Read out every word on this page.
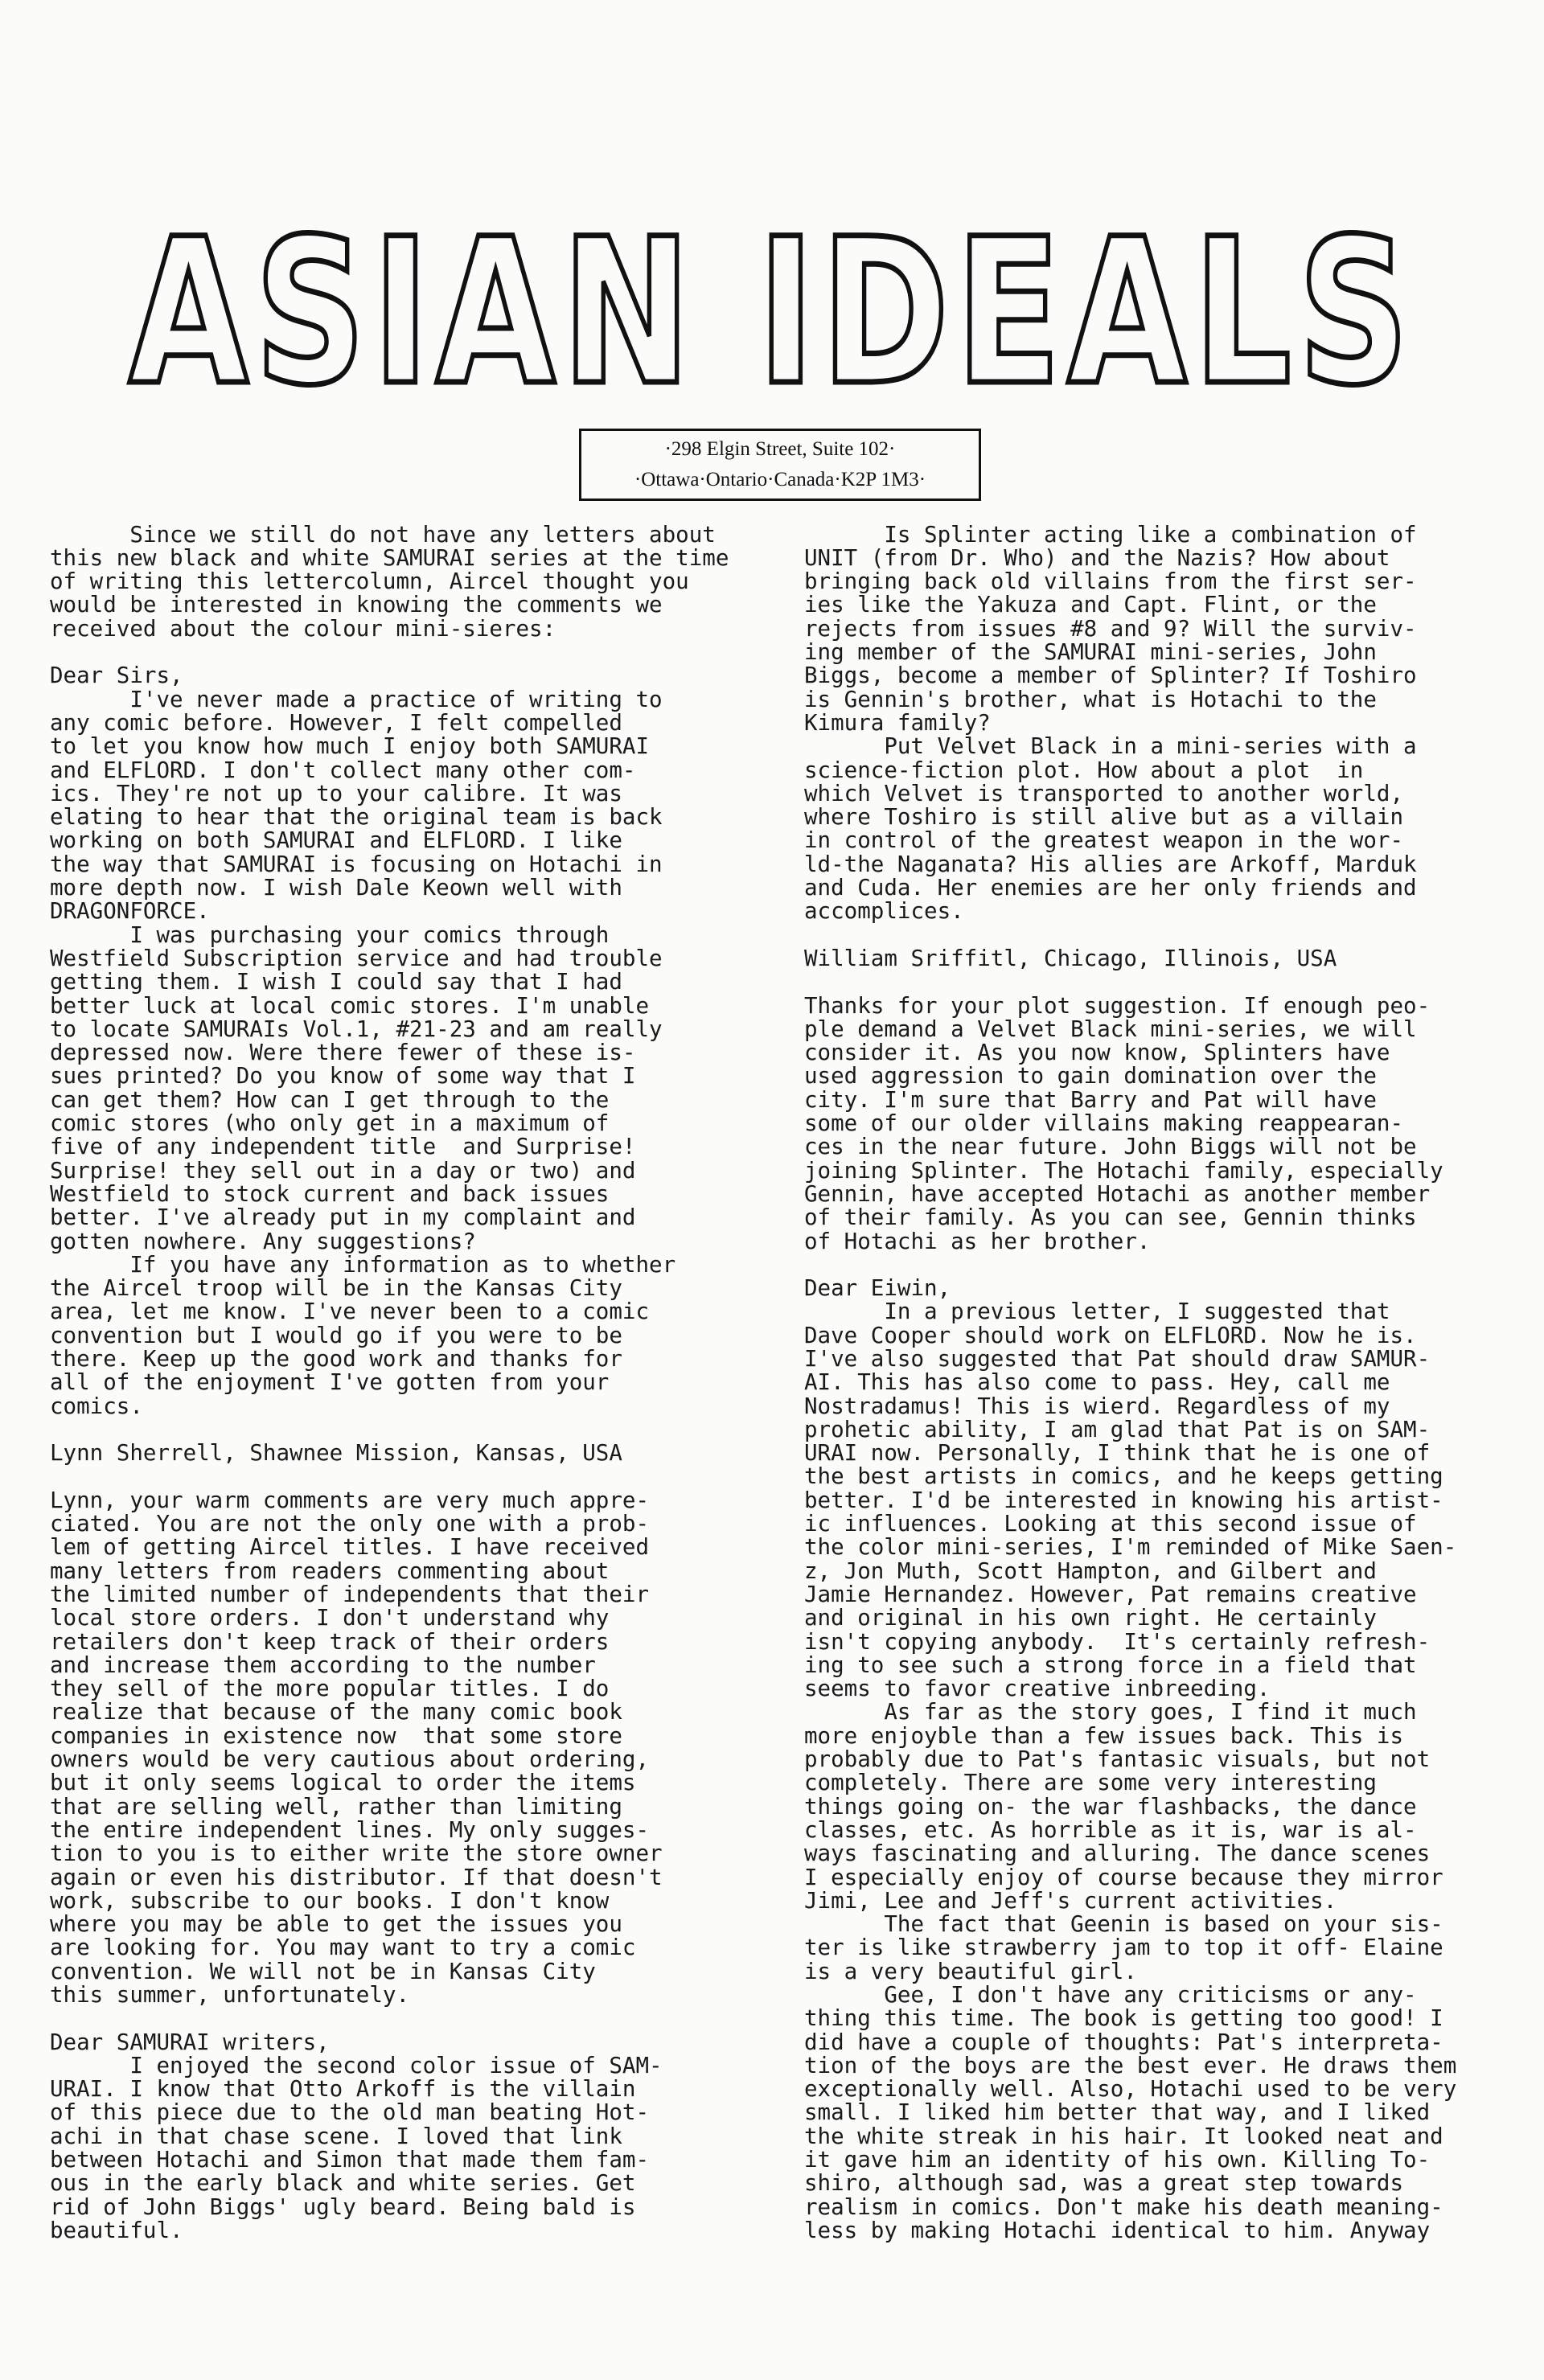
ASIAN IDEALS
·298 Elgin Street, Suite 102·
·Ottawa·Ontario·Canada·K2P 1M3·

Since we still do not have any letters about
this new black and white SAMURAI series at the time
of writing this lettercolumn, Aircel thought you
would be interested in knowing the comments we
received about the colour mini-sieres:

Dear Sirs,
I've never made a practice of writing to
any comic before. However, I felt compelled
to let you know how much I enjoy both SAMURAI
and ELFLORD. I don't collect many other com-
ics. They're not up to your calibre. It was
elating to hear that the original team is back
working on both SAMURAI and ELFLORD. I like
the way that SAMURAI is focusing on Hotachi in
more depth now. I wish Dale Keown well with
DRAGONFORCE.
I was purchasing your comics through
Westfield Subscription service and had trouble
getting them. I wish I could say that I had
better luck at local comic stores. I'm unable
to locate SAMURAIs Vol.1, #21-23 and am really
depressed now. Were there fewer of these is-
sues printed? Do you know of some way that I
can get them? How can I get through to the
comic stores (who only get in a maximum of
five of any independent title  and Surprise!
Surprise! they sell out in a day or two) and
Westfield to stock current and back issues
better. I've already put in my complaint and
gotten nowhere. Any suggestions?
If you have any information as to whether
the Aircel troop will be in the Kansas City
area, let me know. I've never been to a comic
convention but I would go if you were to be
there. Keep up the good work and thanks for
all of the enjoyment I've gotten from your
comics.

Lynn Sherrell, Shawnee Mission, Kansas, USA

Lynn, your warm comments are very much appre-
ciated. You are not the only one with a prob-
lem of getting Aircel titles. I have received
many letters from readers commenting about
the limited number of independents that their
local store orders. I don't understand why
retailers don't keep track of their orders
and increase them according to the number
they sell of the more popular titles. I do
realize that because of the many comic book
companies in existence now  that some store
owners would be very cautious about ordering,
but it only seems logical to order the items
that are selling well, rather than limiting
the entire independent lines. My only sugges-
tion to you is to either write the store owner
again or even his distributor. If that doesn't
work, subscribe to our books. I don't know
where you may be able to get the issues you
are looking for. You may want to try a comic
convention. We will not be in Kansas City
this summer, unfortunately.

Dear SAMURAI writers,
I enjoyed the second color issue of SAM-
URAI. I know that Otto Arkoff is the villain
of this piece due to the old man beating Hot-
achi in that chase scene. I loved that link
between Hotachi and Simon that made them fam-
ous in the early black and white series. Get
rid of John Biggs' ugly beard. Being bald is
beautiful.

Is Splinter acting like a combination of
UNIT (from Dr. Who) and the Nazis? How about
bringing back old villains from the first ser-
ies like the Yakuza and Capt. Flint, or the
rejects from issues #8 and 9? Will the surviv-
ing member of the SAMURAI mini-series, John
Biggs, become a member of Splinter? If Toshiro
is Gennin's brother, what is Hotachi to the
Kimura family?
Put Velvet Black in a mini-series with a
science-fiction plot. How about a plot  in
which Velvet is transported to another world,
where Toshiro is still alive but as a villain
in control of the greatest weapon in the wor-
ld-the Naganata? His allies are Arkoff, Marduk
and Cuda. Her enemies are her only friends and
accomplices.

William Sriffitl, Chicago, Illinois, USA

Thanks for your plot suggestion. If enough peo-
ple demand a Velvet Black mini-series, we will
consider it. As you now know, Splinters have
used aggression to gain domination over the
city. I'm sure that Barry and Pat will have
some of our older villains making reappearan-
ces in the near future. John Biggs will not be
joining Splinter. The Hotachi family, especially
Gennin, have accepted Hotachi as another member
of their family. As you can see, Gennin thinks
of Hotachi as her brother.

Dear Eiwin,
In a previous letter, I suggested that
Dave Cooper should work on ELFLORD. Now he is.
I've also suggested that Pat should draw SAMUR-
AI. This has also come to pass. Hey, call me
Nostradamus! This is wierd. Regardless of my
prohetic ability, I am glad that Pat is on SAM-
URAI now. Personally, I think that he is one of
the best artists in comics, and he keeps getting
better. I'd be interested in knowing his artist-
ic influences. Looking at this second issue of
the color mini-series, I'm reminded of Mike Saen-
z, Jon Muth, Scott Hampton, and Gilbert and
Jamie Hernandez. However, Pat remains creative
and original in his own right. He certainly
isn't copying anybody.  It's certainly refresh-
ing to see such a strong force in a field that
seems to favor creative inbreeding.
As far as the story goes, I find it much
more enjoyble than a few issues back. This is
probably due to Pat's fantasic visuals, but not
completely. There are some very interesting
things going on- the war flashbacks, the dance
classes, etc. As horrible as it is, war is al-
ways fascinating and alluring. The dance scenes
I especially enjoy of course because they mirror
Jimi, Lee and Jeff's current activities.
The fact that Geenin is based on your sis-
ter is like strawberry jam to top it off- Elaine
is a very beautiful girl.
Gee, I don't have any criticisms or any-
thing this time. The book is getting too good! I
did have a couple of thoughts: Pat's interpreta-
tion of the boys are the best ever. He draws them
exceptionally well. Also, Hotachi used to be very
small. I liked him better that way, and I liked
the white streak in his hair. It looked neat and
it gave him an identity of his own. Killing To-
shiro, although sad, was a great step towards
realism in comics. Don't make his death meaning-
less by making Hotachi identical to him. Anyway
